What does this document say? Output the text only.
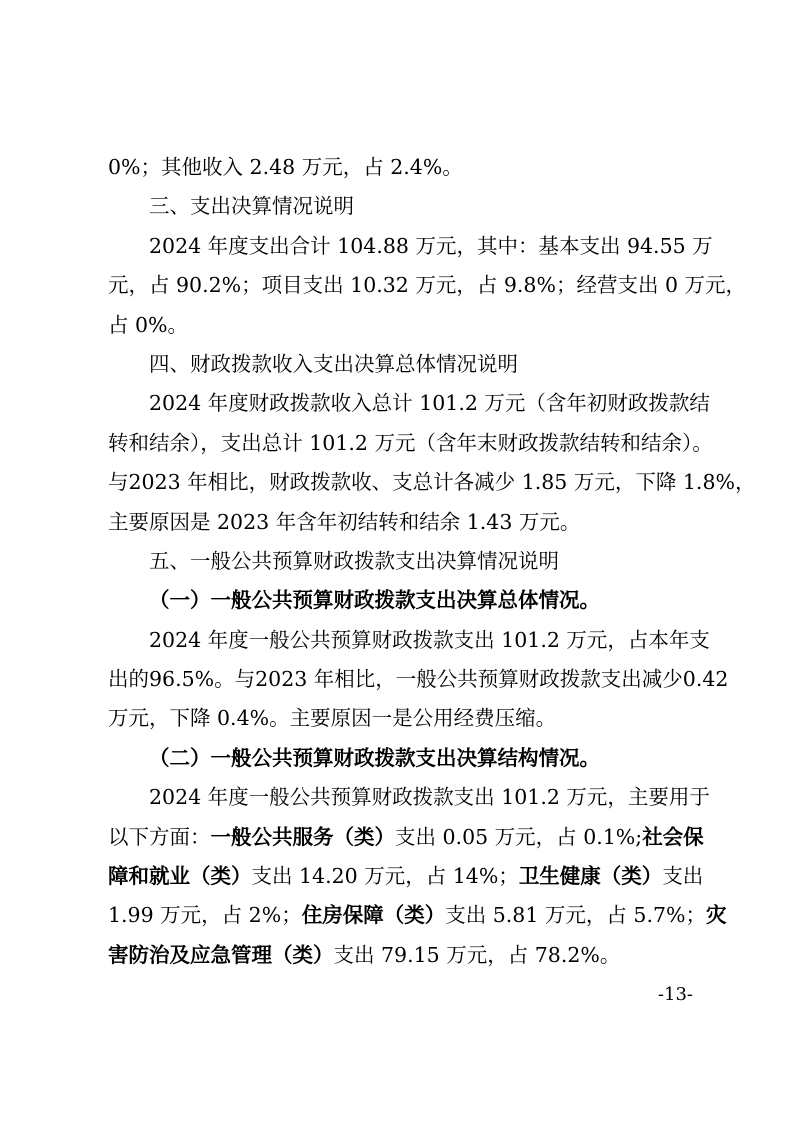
0%；其他收入 2.48 万元，占 2.4%。
三、支出决算情况说明
2024 年度支出合计 104.88 万元，其中：基本支出 94.55 万
元，占 90.2%；项目支出 10.32 万元，占 9.8%；经营支出 0 万元，
占 0%。
四、财政拨款收入支出决算总体情况说明
2024 年度财政拨款收入总计 101.2 万元（含年初财政拨款结
转和结余），支出总计 101.2 万元（含年末财政拨款结转和结余）。
与2023 年相比，财政拨款收、支总计各减少 1.85 万元，下降 1.8%，
主要原因是 2023 年含年初结转和结余 1.43 万元。
五、一般公共预算财政拨款支出决算情况说明
（一）一般公共预算财政拨款支出决算总体情况。
2024 年度一般公共预算财政拨款支出 101.2 万元，占本年支
出的96.5%。与2023 年相比，一般公共预算财政拨款支出减少0.42
万元，下降 0.4%。主要原因一是公用经费压缩。
（二）一般公共预算财政拨款支出决算结构情况。
2024 年度一般公共预算财政拨款支出 101.2 万元，主要用于
以下方面：一般公共服务（类）支出 0.05 万元，占 0.1%;社会保
障和就业（类）支出 14.20 万元，占 14%；卫生健康（类）支出
1.99 万元，占 2%；住房保障（类）支出 5.81 万元，占 5.7%；灾
害防治及应急管理（类）支出 79.15 万元，占 78.2%。
-13-
